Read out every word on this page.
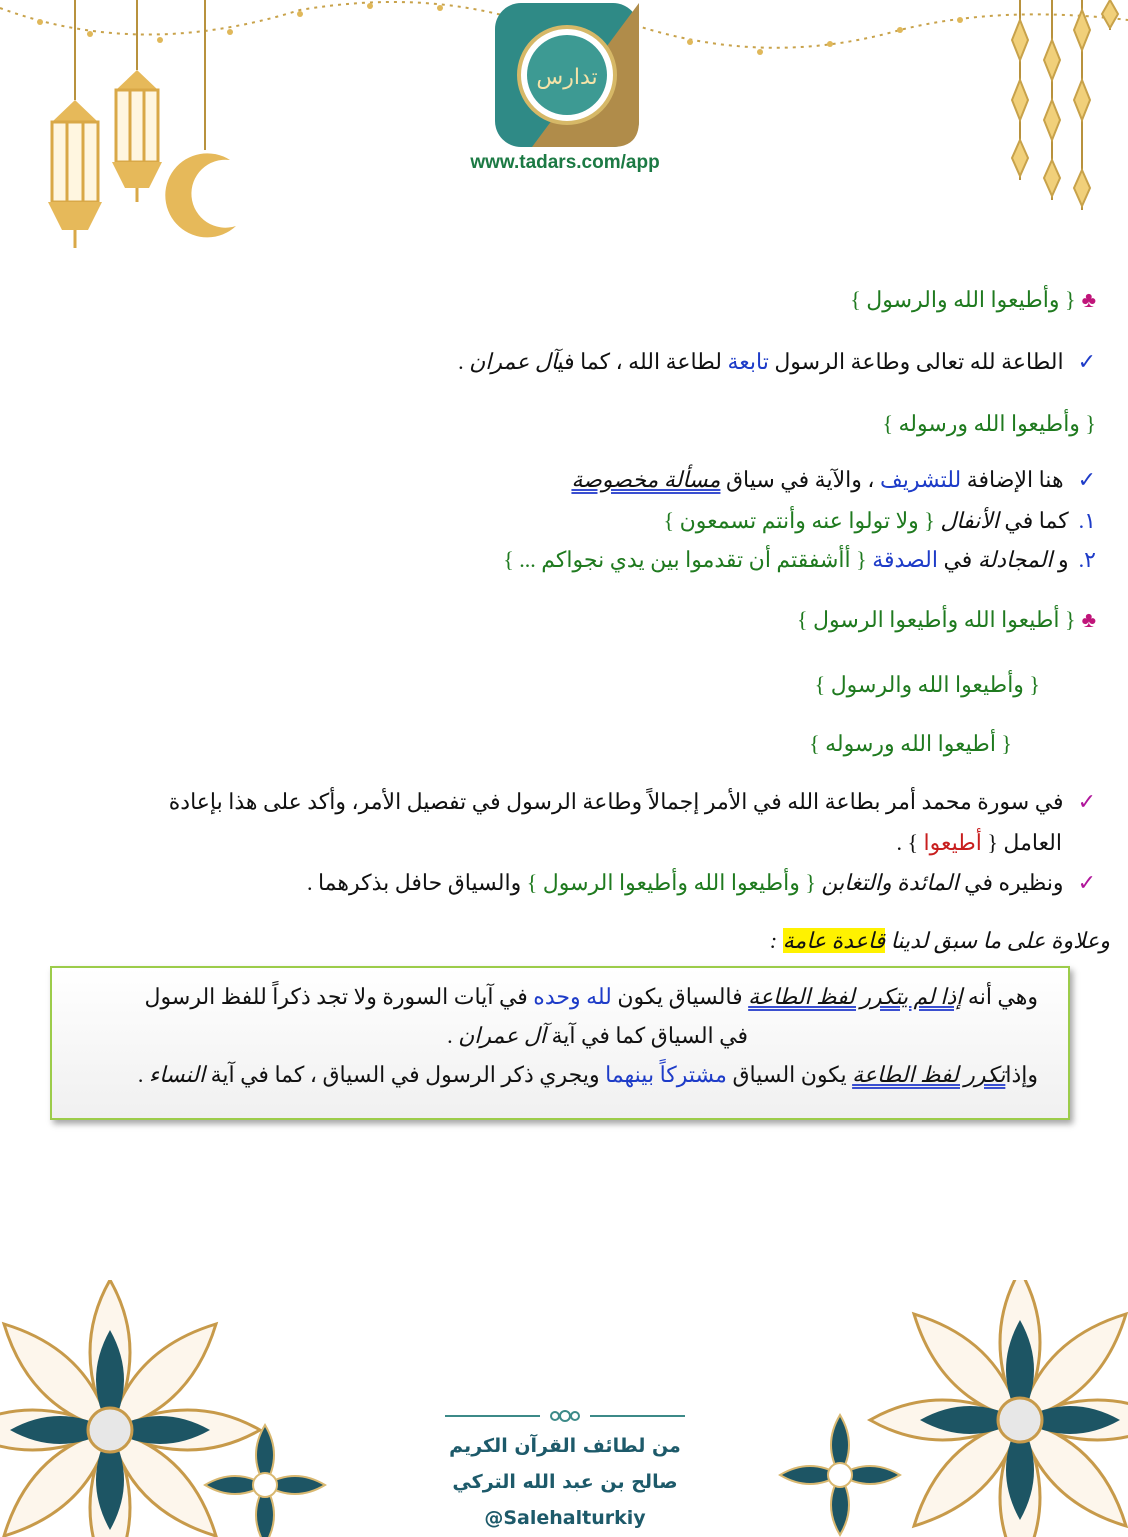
تدارس
www.tadars.com/app
♣{ وأطيعوا الله والرسول }
✓الطاعة لله تعالى وطاعة الرسول تابعة لطاعة الله ، كما فيآل عمران .
{ وأطيعوا الله ورسوله }
✓هنا الإضافة للتشريف ، والآية في سياق مسألة مخصوصة
١.كما في الأنفال { ولا تولوا عنه وأنتم تسمعون }
٢.و المجادلة في الصدقة { أأشفقتم أن تقدموا بين يدي نجواكم ... }
♣{ أطيعوا الله وأطيعوا الرسول }
{ وأطيعوا الله والرسول }
{ أطيعوا الله ورسوله }
✓في سورة محمد أمر بطاعة الله في الأمر إجمالاً وطاعة الرسول في تفصيل الأمر، وأكد على هذا بإعادة
العامل { أطيعوا } .
✓ونظيره في المائدة والتغابن { وأطيعوا الله وأطيعوا الرسول } والسياق حافل بذكرهما .
وعلاوة على ما سبق لدينا قاعدة عامة :
وهي أنه إذا لم يتكرر لفظ الطاعة فالسياق يكون لله وحده في آيات السورة ولا تجد ذكراً للفظ الرسول
في السياق كما في آية آل عمران .
وإذاتكرر لفظ الطاعة يكون السياق مشتركاً بينهما ويجري ذكر الرسول في السياق ، كما في آية النساء .
من لطائف القرآن الكريم
صالح بن عبد الله التركي
@Salehalturkiy
